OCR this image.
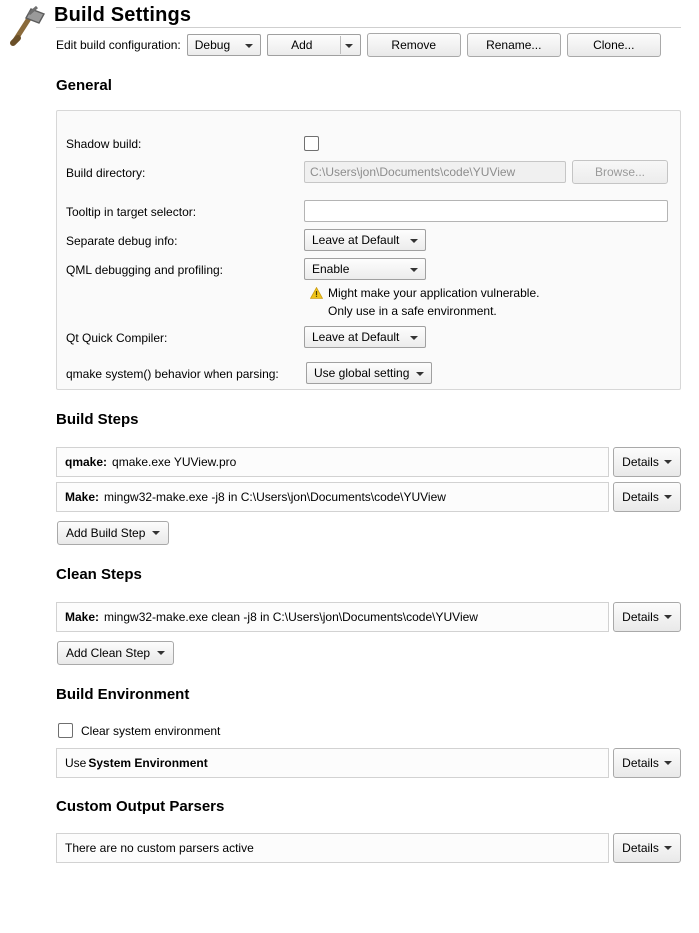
Build Settings
Edit build configuration:	Debug	Add	Remove	Rename...	Clone...
General
Shadow build:
Build directory:	C:\Users\jon\Documents\code\YUView	Browse...
Tooltip in target selector:
Separate debug info:	Leave at Default
QML debugging and profiling:	Enable
Might make your application vulnerable.
Only use in a safe environment.
Qt Quick Compiler:	Leave at Default
qmake system() behavior when parsing:	Use global setting
Build Steps
qmake: qmake.exe YUView.pro	Details
Make: mingw32-make.exe -j8 in C:\Users\jon\Documents\code\YUView	Details
Add Build Step
Clean Steps
Make: mingw32-make.exe clean -j8 in C:\Users\jon\Documents\code\YUView	Details
Add Clean Step
Build Environment
Clear system environment
Use System Environment	Details
Custom Output Parsers
There are no custom parsers active	Details
